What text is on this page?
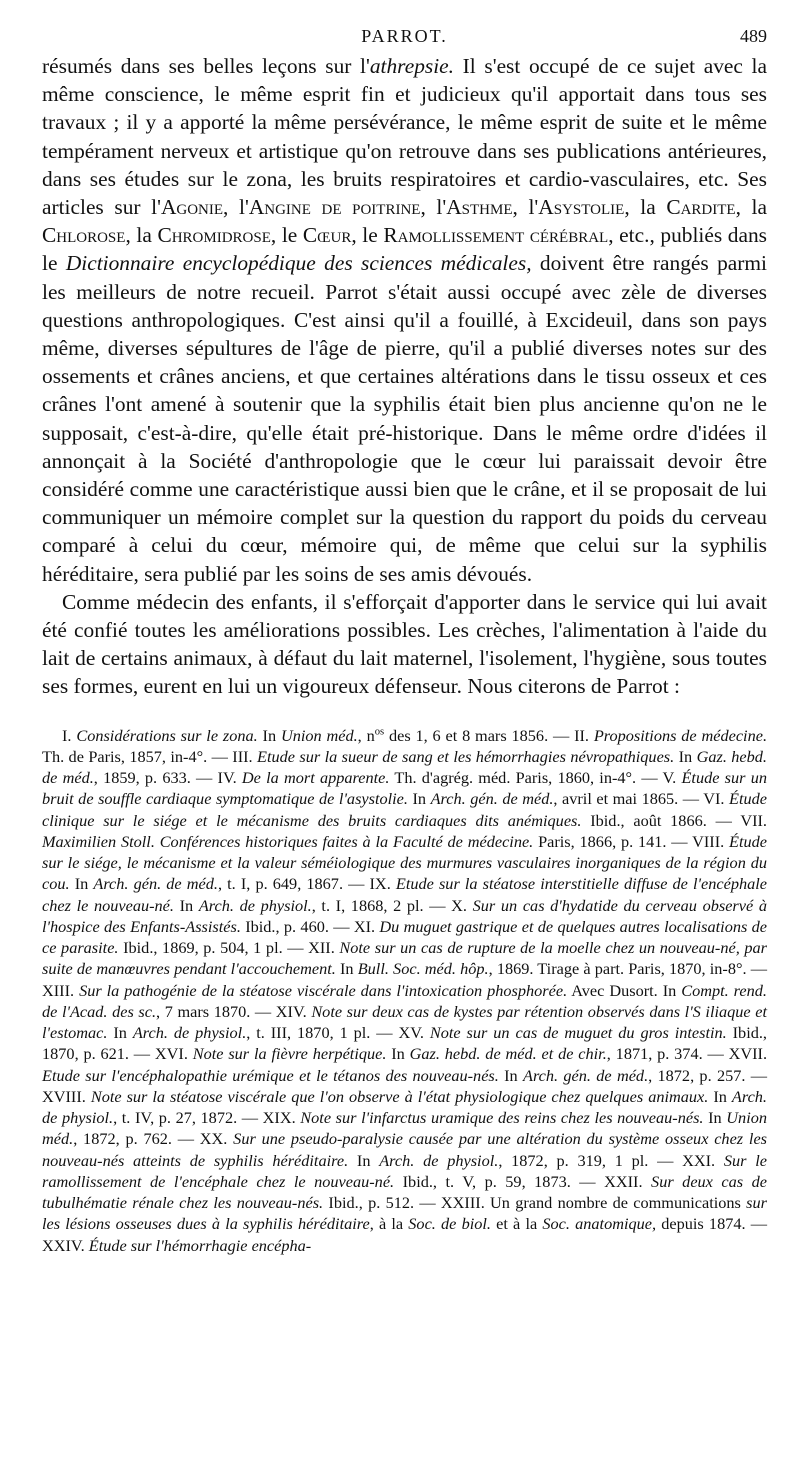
PARROT.	489

résumés dans ses belles leçons sur l'athrepsie. Il s'est occupé de ce sujet avec la même conscience, le même esprit fin et judicieux qu'il apportait dans tous ses travaux ; il y a apporté la même persévérance, le même esprit de suite et le même tempérament nerveux et artistique qu'on retrouve dans ses publications antérieures, dans ses études sur le zona, les bruits respiratoires et cardio-vasculaires, etc. Ses articles sur l'Agonie, l'Angine de poitrine, l'Asthme, l'Asystolie, la Cardite, la Chlorose, la Chromidrose, le Cœur, le Ramollissement cérébral, etc., publiés dans le Dictionnaire encyclopédique des sciences médicales, doivent être rangés parmi les meilleurs de notre recueil. Parrot s'était aussi occupé avec zèle de diverses questions anthropologiques. C'est ainsi qu'il a fouillé, à Excideuil, dans son pays même, diverses sépultures de l'âge de pierre, qu'il a publié diverses notes sur des ossements et crânes anciens, et que certaines altérations dans le tissu osseux et ces crânes l'ont amené à soutenir que la syphilis était bien plus ancienne qu'on ne le supposait, c'est-à-dire, qu'elle était pré-historique. Dans le même ordre d'idées il annonçait à la Société d'anthropologie que le cœur lui paraissait devoir être considéré comme une caractéristique aussi bien que le crâne, et il se proposait de lui communiquer un mémoire complet sur la question du rapport du poids du cerveau comparé à celui du cœur, mémoire qui, de même que celui sur la syphilis héréditaire, sera publié par les soins de ses amis dévoués.

Comme médecin des enfants, il s'efforçait d'apporter dans le service qui lui avait été confié toutes les améliorations possibles. Les crèches, l'alimentation à l'aide du lait de certains animaux, à défaut du lait maternel, l'isolement, l'hygiène, sous toutes ses formes, eurent en lui un vigoureux défenseur. Nous citerons de Parrot :

I. Considérations sur le zona. In Union méd., $n^{os}$ des 1, 6 et 8 mars 1856. — II. Propositions de médecine. Th. de Paris, 1857, in-4°. — III. Etude sur la sueur de sang et les hémorrhagies névropathiques. In Gaz. hebd. de méd., 1859, p. 633. — IV. De la mort apparente. Th. d'agrég. méd. Paris, 1860, in-4°. — V. Étude sur un bruit de souffle cardiaque symptomatique de l'asystolie. In Arch. gén. de méd., avril et mai 1865. — VI. Étude clinique sur le siége et le mécanisme des bruits cardiaques dits anémiques. Ibid., août 1866. — VII. Maximilien Stoll. Conférences historiques faites à la Faculté de médecine. Paris, 1866, p. 141. — VIII. Étude sur le siége, le mécanisme et la valeur séméiologique des murmures vasculaires inorganiques de la région du cou. In Arch. gén. de méd., t. I, p. 649, 1867. — IX. Etude sur la stéatose interstitielle diffuse de l'encéphale chez le nouveau-né. In Arch. de physiol., t. I, 1868, 2 pl. — X. Sur un cas d'hydatide du cerveau observé à l'hospice des Enfants-Assistés. Ibid., p. 460. — XI. Du muguet gastrique et de quelques autres localisations de ce parasite. Ibid., 1869, p. 504, 1 pl. — XII. Note sur un cas de rupture de la moelle chez un nouveau-né, par suite de manœuvres pendant l'accouchement. In Bull. Soc. méd. hôp., 1869. Tirage à part. Paris, 1870, in-8°. — XIII. Sur la pathogénie de la stéatose viscérale dans l'intoxication phosphorée. Avec Dusort. In Compt. rend. de l'Acad. des sc., 7 mars 1870. — XIV. Note sur deux cas de kystes par rétention observés dans l'S iliaque et l'estomac. In Arch. de physiol., t. III, 1870, 1 pl. — XV. Note sur un cas de muguet du gros intestin. Ibid., 1870, p. 621. — XVI. Note sur la fièvre herpétique. In Gaz. hebd. de méd. et de chir., 1871, p. 374. — XVII. Etude sur l'encéphalopathie urémique et le tétanos des nouveau-nés. In Arch. gén. de méd., 1872, p. 257. — XVIII. Note sur la stéatose viscérale que l'on observe à l'état physiologique chez quelques animaux. In Arch. de physiol., t. IV, p. 27, 1872. — XIX. Note sur l'infarctus urатique des reins chez les nouveau-nés. In Union méd., 1872, p. 762. — XX. Sur une pseudo-paralysie causée par une altération du système osseux chez les nouveau-nés atteints de syphilis héréditaire. In Arch. de physiol., 1872, p. 319, 1 pl. — XXI. Sur le ramollissement de l'encéphale chez le nouveau-né. Ibid., t. V, p. 59, 1873. — XXII. Sur deux cas de tubulhématie rénale chez les nouveau-nés. Ibid., p. 512. — XXIII. Un grand nombre de communications sur les lésions osseuses dues à la syphilis héréditaire, à la Soc. de biol. et à la Soc. anatomique, depuis 1874. — XXIV. Étude sur l'hémorrhagie encépha-
